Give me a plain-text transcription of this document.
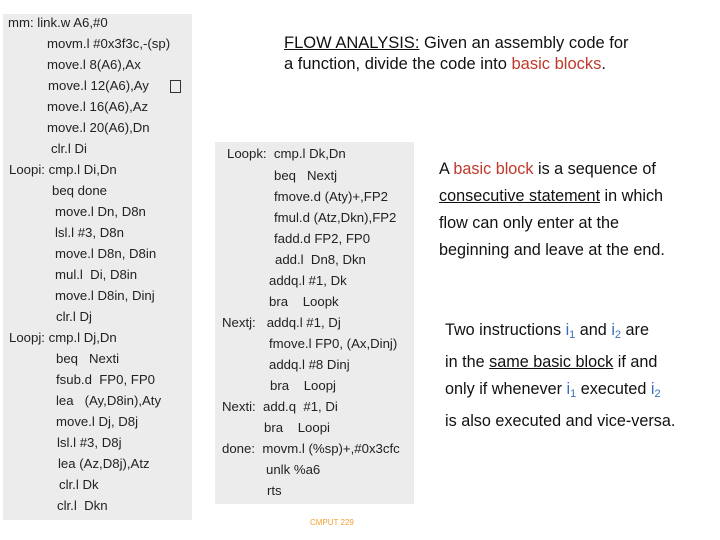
mm: link.w A6,#0
movm.l #0x3f3c,-(sp)
move.l 8(A6),Ax
move.l 12(A6),Ay
move.l 16(A6),Az
move.l 20(A6),Dn
clr.l Di
Loopi: cmp.l Di,Dn
beq done
move.l Dn, D8n
lsl.l #3, D8n
move.l D8n, D8in
mul.l  Di, D8in
move.l D8in, Dinj
clr.l Dj
Loopj: cmp.l Dj,Dn
beq   Nexti
fsub.d  FP0, FP0
lea   (Ay,D8in),Aty
move.l Dj, D8j
lsl.l #3, D8j
lea (Az,D8j),Atz
clr.l Dk
clr.l  Dkn
Loopk:  cmp.l Dk,Dn
beq   Nextj
fmove.d (Aty)+,FP2
fmul.d (Atz,Dkn),FP2
fadd.d FP2, FP0
add.l  Dn8, Dkn
addq.l #1, Dk
bra    Loopk
Nextj:   addq.l #1, Dj
fmove.l FP0, (Ax,Dinj)
addq.l #8 Dinj
bra    Loopj
Nexti:  add.q  #1, Di
bra    Loopi
done:  movm.l (%sp)+,#0x3cfc
unlk %a6
rts
FLOW ANALYSIS: Given an assembly code for
a function, divide the code into basic blocks.
A basic block is a sequence of
consecutive statement in which
flow can only enter at the
beginning and leave at the end.
Two instructions $i_1$ and $i_2$ are
in the same basic block if and
only if whenever $i_1$ executed $i_2$
is also executed and vice-versa.
CMPUT 229
